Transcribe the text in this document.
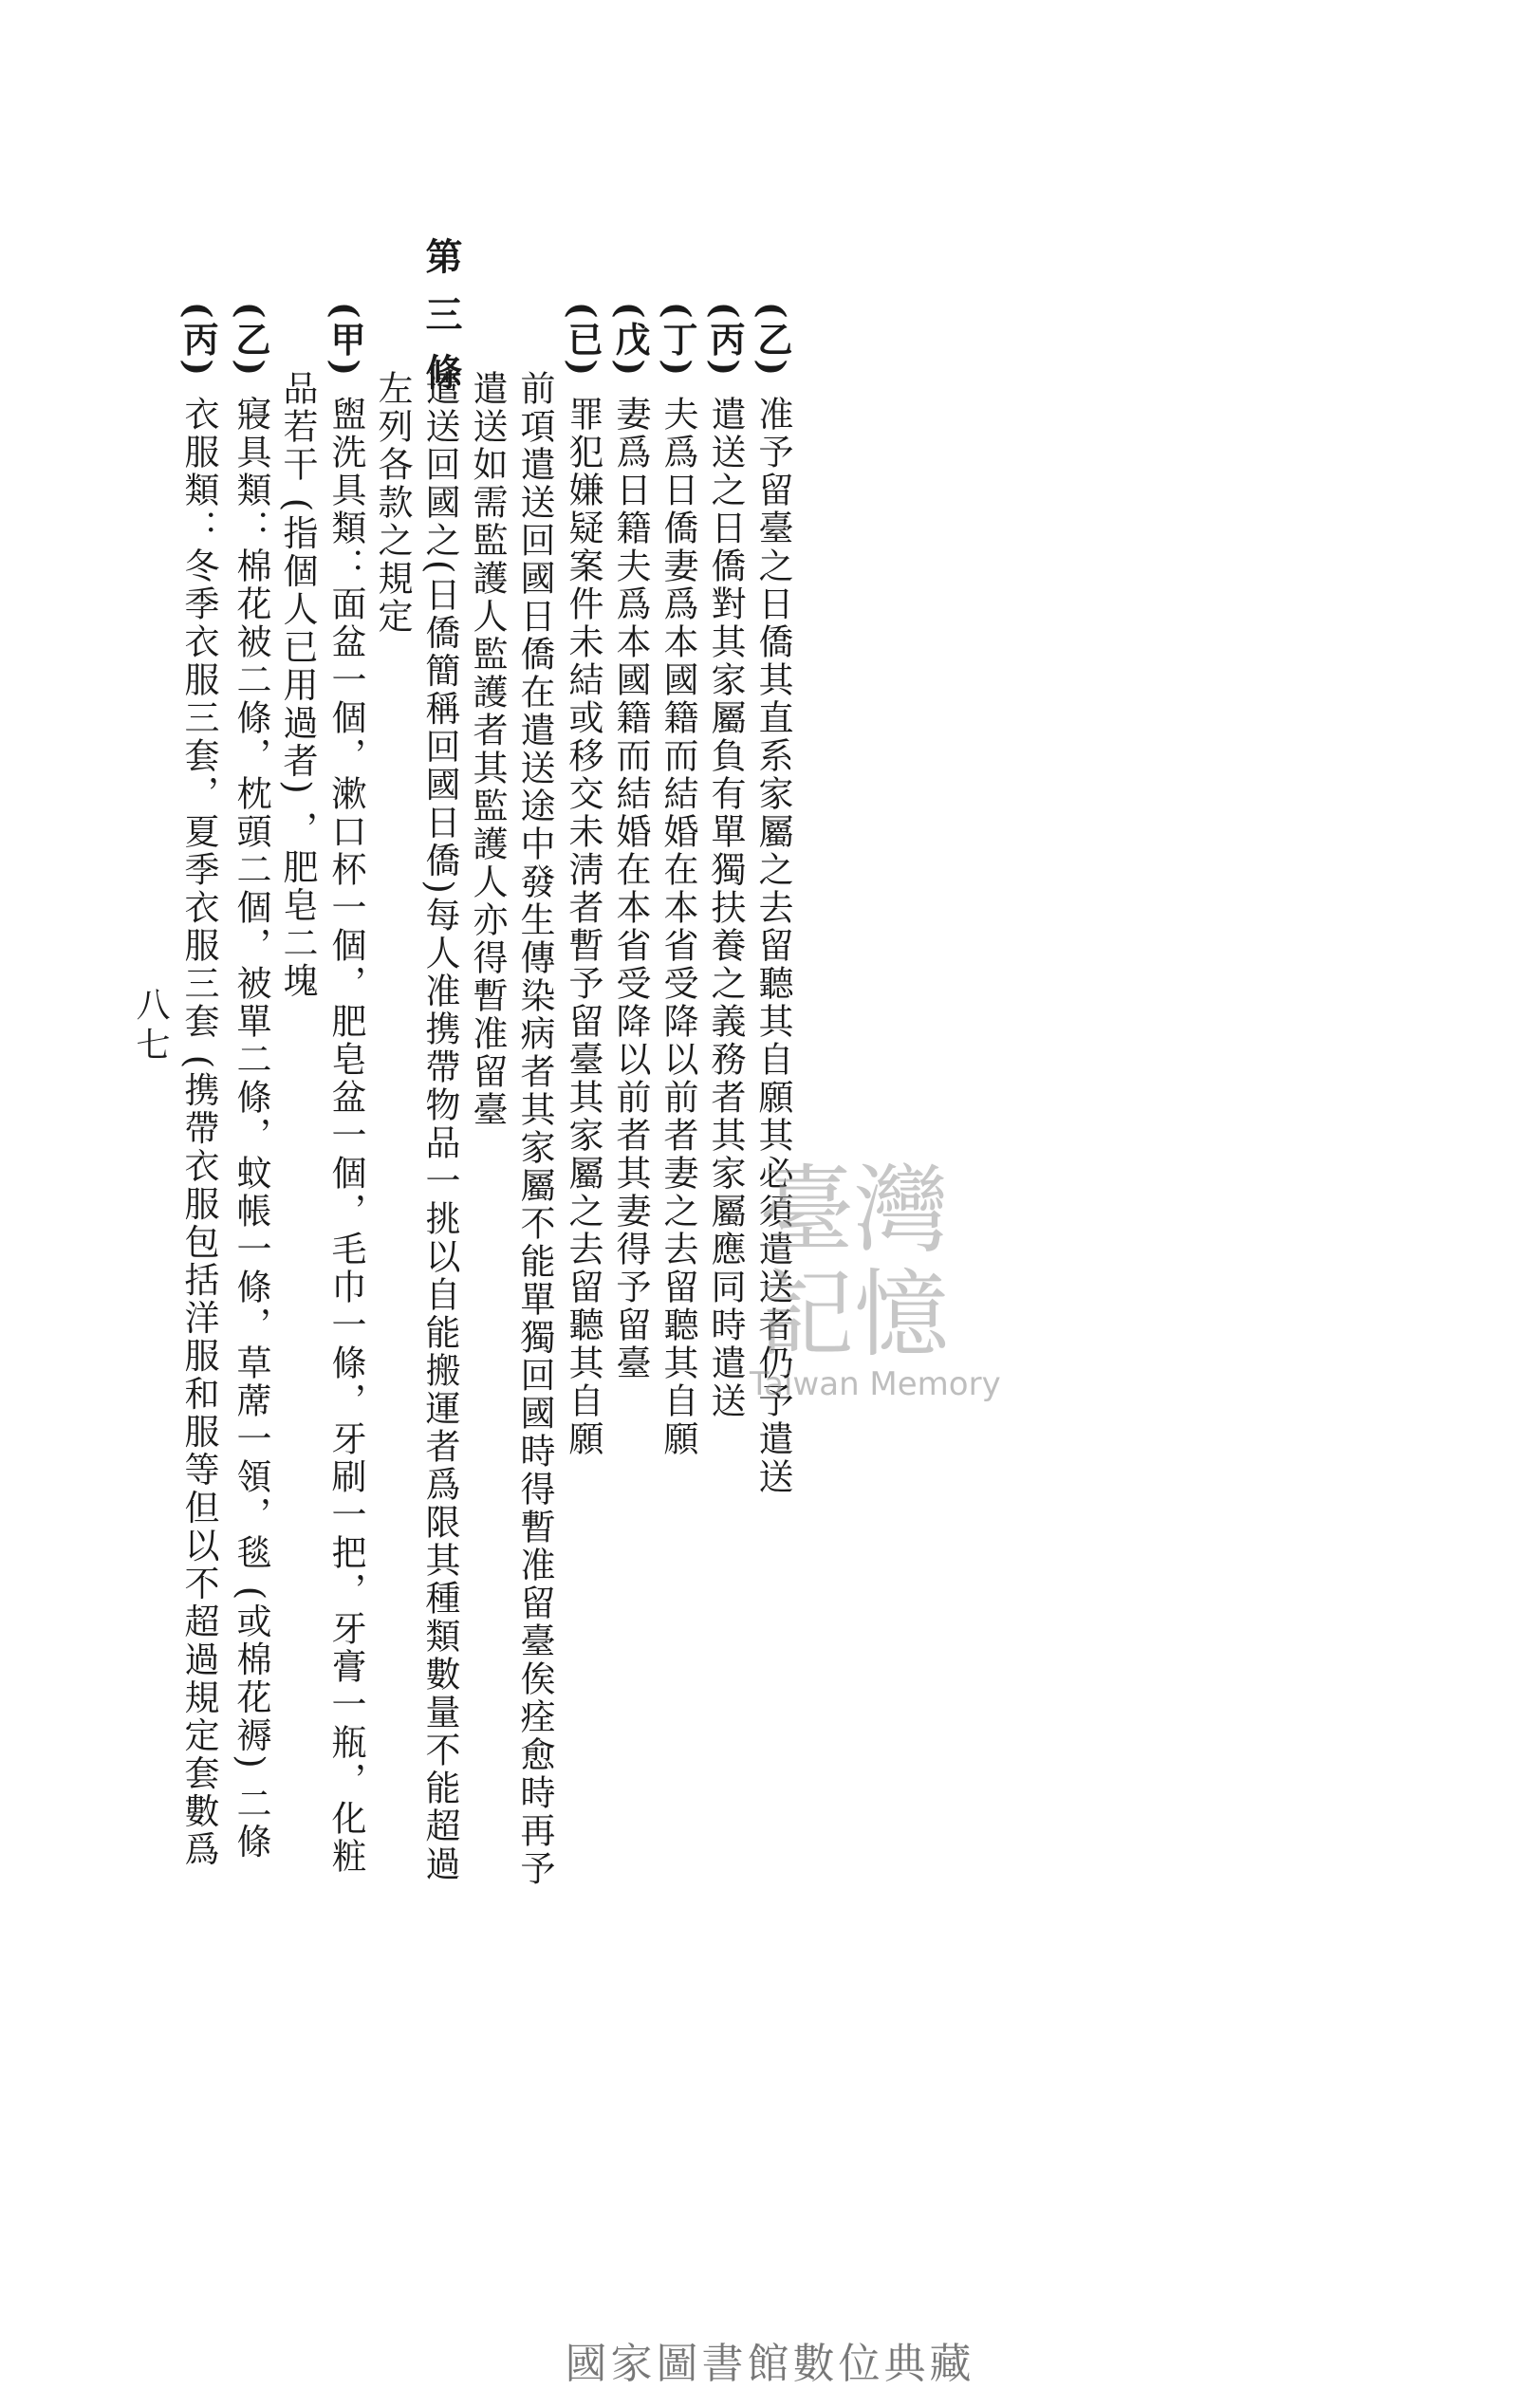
(乙)准予留臺之日僑其直系家屬之去留聽其自願其必須遣送者仍予遣送
(丙)遣送之日僑對其家屬負有單獨扶養之義務者其家屬應同時遣送
(丁)夫爲日僑妻爲本國籍而結婚在本省受降以前者妻之去留聽其自願
(戊)妻爲日籍夫爲本國籍而結婚在本省受降以前者其妻得予留臺
(已)罪犯嫌疑案件未結或移交未淸者暫予留臺其家屬之去留聽其自願
前項遣送回國日僑在遣送途中發生傳染病者其家屬不能單獨回國時得暫准留臺俟痊愈時再予
遣送如需監護人監護者其監護人亦得暫准留臺
第三條
遣送回國之(日僑簡稱回國日僑)每人准携帶物品一挑以自能搬運者爲限其種類數量不能超過
左列各款之規定
(甲)盥洗具類：面盆一個，漱口杯一個，肥皂盆一個，毛巾一條，牙刷一把，牙膏一瓶，化粧
品若干 (指個人已用過者) ，肥皂二塊
(乙)寢具類：棉花被二條，枕頭二個，被單二條，蚊帳一條，草蓆一領，毯 (或棉花褥) 二條
(丙)衣服類：冬季衣服三套，夏季衣服三套 (携帶衣服包括洋服和服等但以不超過規定套數爲
八七
臺灣
記憶
Taiwan Memory
國家圖書館數位典藏
